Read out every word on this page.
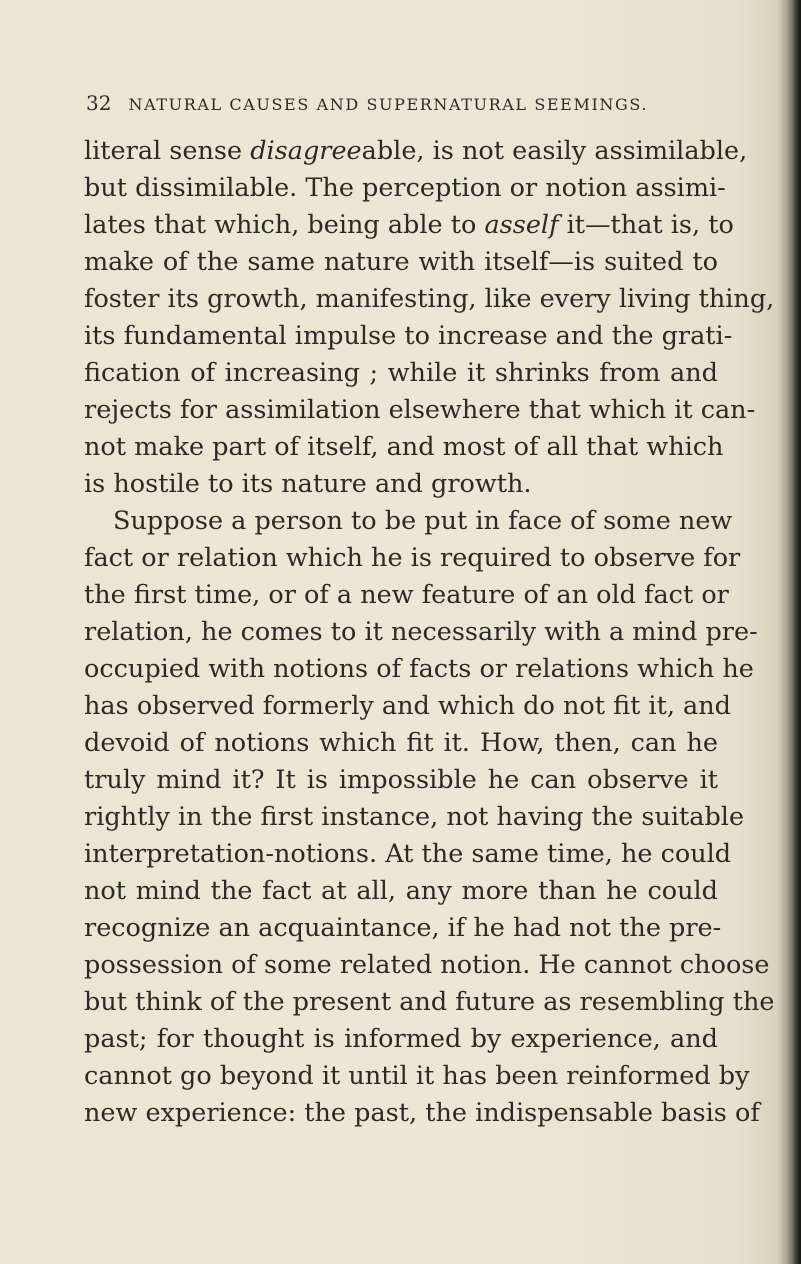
32 NATURAL CAUSES AND SUPERNATURAL SEEMINGS.
literal sense disagreeable, is not easily assimilable,
but dissimilable. The perception or notion assimi-
lates that which, being able to asself it—that is, to
make of the same nature with itself—is suited to
foster its growth, manifesting, like every living thing,
its fundamental impulse to increase and the grati-
fication of increasing ; while it shrinks from and
rejects for assimilation elsewhere that which it can-
not make part of itself, and most of all that which
is hostile to its nature and growth.
Suppose a person to be put in face of some new
fact or relation which he is required to observe for
the first time, or of a new feature of an old fact or
relation, he comes to it necessarily with a mind pre-
occupied with notions of facts or relations which he
has observed formerly and which do not fit it, and
devoid of notions which fit it. How, then, can he
truly mind it? It is impossible he can observe it
rightly in the first instance, not having the suitable
interpretation-notions. At the same time, he could
not mind the fact at all, any more than he could
recognize an acquaintance, if he had not the pre-
possession of some related notion. He cannot choose
but think of the present and future as resembling the
past; for thought is informed by experience, and
cannot go beyond it until it has been reinformed by
new experience: the past, the indispensable basis of
